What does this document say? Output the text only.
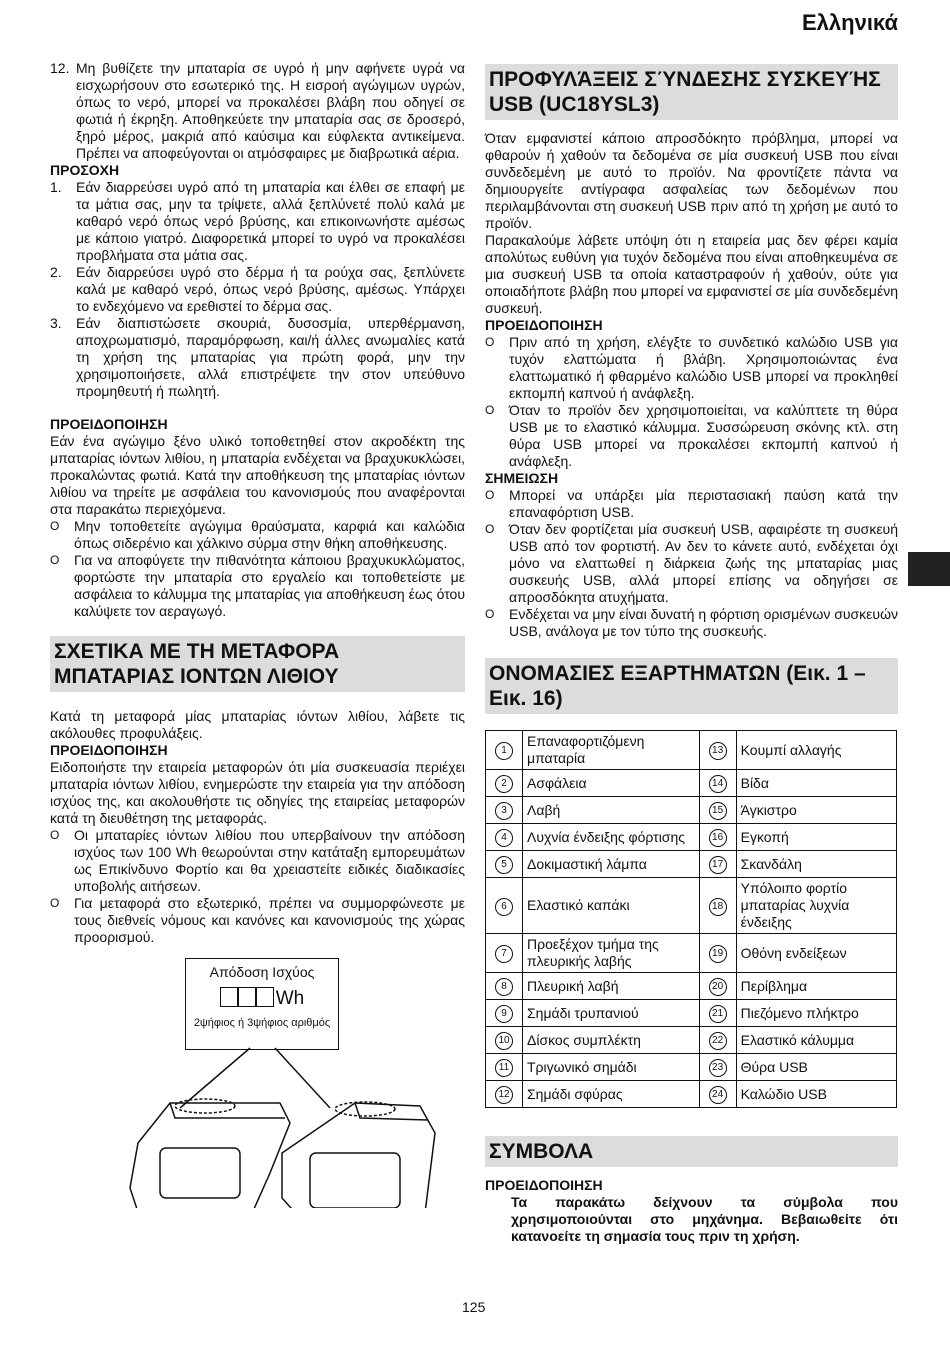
Ελληνικά
12. Μη βυθίζετε την μπαταρία σε υγρό ή μην αφήνετε υγρά να εισχωρήσουν στο εσωτερικό της. Η εισροή αγώγιμων υγρών, όπως το νερό, μπορεί να προκαλέσει βλάβη που οδηγεί σε φωτιά ή έκρηξη. Αποθηκεύετε την μπαταρία σας σε δροσερό, ξηρό μέρος, μακριά από καύσιμα και εύφλεκτα αντικείμενα. Πρέπει να αποφεύγονται οι ατμόσφαιρες με διαβρωτικά αέρια.

ΠΡΟΣΟΧΗ

1.	Εάν διαρρεύσει υγρό από τη μπαταρία και έλθει σε επαφή με τα μάτια σας, μην τα τρίψετε, αλλά ξεπλύνετέ πολύ καλά με καθαρό νερό όπως νερό βρύσης, και επικοινωνήστε αμέσως με κάποιο γιατρό. Διαφορετικά μπορεί το υγρό να προκαλέσει προβλήματα στα μάτια σας.
2.	Εάν διαρρεύσει υγρό στο δέρμα ή τα ρούχα σας, ξεπλύνετε καλά με καθαρό νερό, όπως νερό βρύσης, αμέσως. Υπάρχει το ενδεχόμενο να ερεθιστεί το δέρμα σας.
3.	Εάν διαπιστώσετε σκουριά, δυσοσμία, υπερθέρμανση, αποχρωματισμό, παραμόρφωση, και/ή άλλες ανωμαλίες κατά τη χρήση της μπαταρίας για πρώτη φορά, μην την χρησιμοποιήσετε, αλλά επιστρέψετε την στον υπεύθυνο προμηθευτή ή πωλητή.

ΠΡΟΕΙΔΟΠΟΙΗΣΗ

Εάν ένα αγώγιμο ξένο υλικό τοποθετηθεί στον ακροδέκτη της μπαταρίας ιόντων λιθίου, η μπαταρία ενδέχεται να βραχυκυκλώσει, προκαλώντας φωτιά. Κατά την αποθήκευση της μπαταρίας ιόντων λιθίου να τηρείτε με ασφάλεια του κανονισμούς που αναφέρονται στα παρακάτω περιεχόμενα.

O	Μην τοποθετείτε αγώγιμα θραύσματα, καρφιά και καλώδια όπως σιδερένιο και χάλκινο σύρμα στην θήκη αποθήκευσης.
O	Για να αποφύγετε την πιθανότητα κάποιου βραχυκυκλώματος, φορτώστε την μπαταρία στο εργαλείο και τοποθετείστε με ασφάλεια το κάλυμμα της μπαταρίας για αποθήκευση έως ότου καλύψετε τον αεραγωγό.
ΣΧΕΤΙΚΑ ΜΕ ΤΗ ΜΕΤΑΦΟΡΑ ΜΠΑΤΑΡΙΑΣ ΙΟΝΤΩΝ ΛΙΘΙΟΥ

Κατά τη μεταφορά μίας μπαταρίας ιόντων λιθίου, λάβετε τις ακόλουθες προφυλάξεις.

ΠΡΟΕΙΔΟΠΟΙΗΣΗ

Ειδοποιήστε την εταιρεία μεταφορών ότι μία συσκευασία περιέχει μπαταρία ιόντων λιθίου, ενημερώστε την εταιρεία για την απόδοση ισχύος της, και ακολουθήστε τις οδηγίες της εταιρείας μεταφορών κατά τη διευθέτηση της μεταφοράς.

O	Οι μπαταρίες ιόντων λιθίου που υπερβαίνουν την απόδοση ισχύος των 100 Wh θεωρούνται στην κατάταξη εμπορευμάτων ως Επικίνδυνο Φορτίο και θα χρειαστείτε ειδικές διαδικασίες υποβολής αιτήσεων.
O	Για μεταφορά στο εξωτερικό, πρέπει να συμμορφώνεστε με τους διεθνείς νόμους και κανόνες και κανονισμούς της χώρας προορισμού.
Απόδοση Ισχύος
Wh
2ψήφιος ή 3ψήφιος αριθμός
ΠΡΟΦΥΛΆΞΕΙΣ ΣΎΝΔΕΣΗΣ ΣΥΣΚΕΥΉΣ USB (UC18YSL3)

Όταν εμφανιστεί κάποιο απροσδόκητο πρόβλημα, μπορεί να φθαρούν ή χαθούν τα δεδομένα σε μία συσκευή USB που είναι συνδεδεμένη με αυτό το προϊόν. Να φροντίζετε πάντα να δημιουργείτε αντίγραφα ασφαλείας των δεδομένων που περιλαμβάνονται στη συσκευή USB πριν από τη χρήση με αυτό το προϊόν.

Παρακαλούμε λάβετε υπόψη ότι η εταιρεία μας δεν φέρει καμία απολύτως ευθύνη για τυχόν δεδομένα που είναι αποθηκευμένα σε μια συσκευή USB τα οποία καταστραφούν ή χαθούν, ούτε για οποιαδήποτε βλάβη που μπορεί να εμφανιστεί σε μία συνδεδεμένη συσκευή.

ΠΡΟΕΙΔΟΠΟΙΗΣΗ

O	Πριν από τη χρήση, ελέγξτε το συνδετικό καλώδιο USB για τυχόν ελαττώματα ή βλάβη. Χρησιμοποιώντας ένα ελαττωματικό ή φθαρμένο καλώδιο USB μπορεί να προκληθεί εκπομπή καπνού ή ανάφλεξη.
O	Όταν το προϊόν δεν χρησιμοποιείται, να καλύπτετε τη θύρα USB με το ελαστικό κάλυμμα. Συσσώρευση σκόνης κτλ. στη θύρα USB μπορεί να προκαλέσει εκπομπή καπνού ή ανάφλεξη.

ΣΗΜΕΙΩΣΗ

O	Μπορεί να υπάρξει μία περιστασιακή παύση κατά την επαναφόρτιση USB.
O	Όταν δεν φορτίζεται μία συσκευή USB, αφαιρέστε τη συσκευή USB από τον φορτιστή. Αν δεν το κάνετε αυτό, ενδέχεται όχι μόνο να ελαττωθεί η διάρκεια ζωής της μπαταρίας μιας συσκευής USB, αλλά μπορεί επίσης να οδηγήσει σε απροσδόκητα ατυχήματα.
O	Ενδέχεται να μην είναι δυνατή η φόρτιση ορισμένων συσκευών USB, ανάλογα με τον τύπο της συσκευής.
ΟΝΟΜΑΣΙΕΣ ΕΞΑΡΤΗΜΑΤΩΝ (Εικ. 1 – Εικ. 16)
1	Επαναφορτιζόμενη μπαταρία	13	Κουμπί αλλαγής
2	Ασφάλεια	14	Βίδα
3	Λαβή	15	Άγκιστρο
4	Λυχνία ένδειξης φόρτισης	16	Εγκοπή
5	Δοκιμαστική λάμπα	17	Σκανδάλη
6	Ελαστικό καπάκι	18	Υπόλοιπο φορτίο μπαταρίας λυχνία ένδειξης
7	Προεξέχον τμήμα της πλευρικής λαβής	19	Οθόνη ενδείξεων
8	Πλευρική λαβή	20	Περίβλημα
9	Σημάδι τρυπανιού	21	Πιεζόμενο πλήκτρο
10	Δίσκος συμπλέκτη	22	Ελαστικό κάλυμμα
11	Τριγωνικό σημάδι	23	Θύρα USB
12	Σημάδι σφύρας	24	Καλώδιο USB
ΣΥΜΒΟΛΑ

ΠΡΟΕΙΔΟΠΟΙΗΣΗ

Τα παρακάτω δείχνουν τα σύμβολα που χρησιμοποιούνται στο μηχάνημα. Βεβαιωθείτε ότι κατανοείτε τη σημασία τους πριν τη χρήση.

125
